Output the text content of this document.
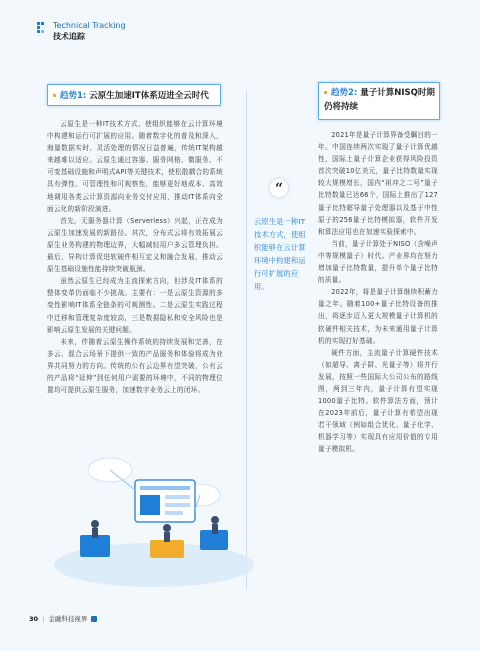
Technical Tracking
技术追踪
趋势1: 云原生加速IT体系迈进全云时代

云原生是一种IT技术方式，使组织能够在云计算环境中构建和运行可扩展的应用。随着数字化的普及和深入，海量数据实时、灵活处理的情况日益普遍，传统IT架构越来越难以适应。云原生通过容器、服务网格、微服务、不可变基础设施和声明式API等关键技术，使松散耦合的系统具有弹性、可管理性和可观察性，能够更好地成本、高效地调用各类云计算资源向业务交付应用，推动IT体系向全面云化的新阶段演进。

首先，无服务器计算（Serverless）兴起，正在成为云原生加速发展的新路径。其次，分布式云将有效拓展云原生业务构建的物理边界，大幅减轻用户多云管理负担。最后，异构计算促进软硬件相互定义和融合发展，推动云原生基础设施性能持续突破瓶颈。

虽然云原生已经成为主流探索方向，但涉及IT体系的整体变革仍面临不少挑战。主要有：一是云原生资源的多变性影响IT体系全链条的可观测性。二是云原生实践过程中迁移和管理复杂度较高，三是数据隐私和安全风险也是影响云原生发展的关键问题。

未来，伴随着云原生操作系统的持续发展和完善，在多云、混合云场景下提供一致的产品服务和体验将成为业界共同努力的方向。传统的公有云边界有望突破，公有云的产品将“延伸”到任何用户需要的环境中，不同的物理位置均可提供云原生服务，加速数字业务云上的闭环。

“
云原生是一种IT技术方式，使组织能够在云计算环境中构建和运行可扩展的应用。
趋势2: 量子计算NISQ时期仍将持续

2021年是量子计算界备受瞩目的一年。中国连续两次实现了量子计算优越性，国际上量子计算企业获得风险投资首次突破10亿美元，量子比特数量实现较大规模增长，国内“祖冲之二号”量子比特数量已达66个，国际上推出了127量子比特超导量子处理器以及基于中性原子的256量子比特模拟器，软件开发和算法应用也在加速实验探索中。

当前，量子计算处于NISO（含噪声中等规模量子）时代。产业界均在努力增加量子比特数量，提升单个量子比特的质量。

2022年，将是量子计算继续积蓄力量之年。随着100+量子比特设备的推出，将逐步迈入更大规模量子计算机的软硬件相关技术，为未来通用量子计算机的实现打好基础。

硬件方面，主流量子计算硬件技术（如超导、离子阱、光量子等）将并行发展，按照一些国际大公司公布的路线图，两到三年内，量子计算有望实现1000量子比特。软件算法方面，预计在2023年前后，量子计算有希望出现若干领域（例如组合优化、量子化学、机器学习等）实现具有应用价值的专用量子模拟机。

30 | 金融科技视界
